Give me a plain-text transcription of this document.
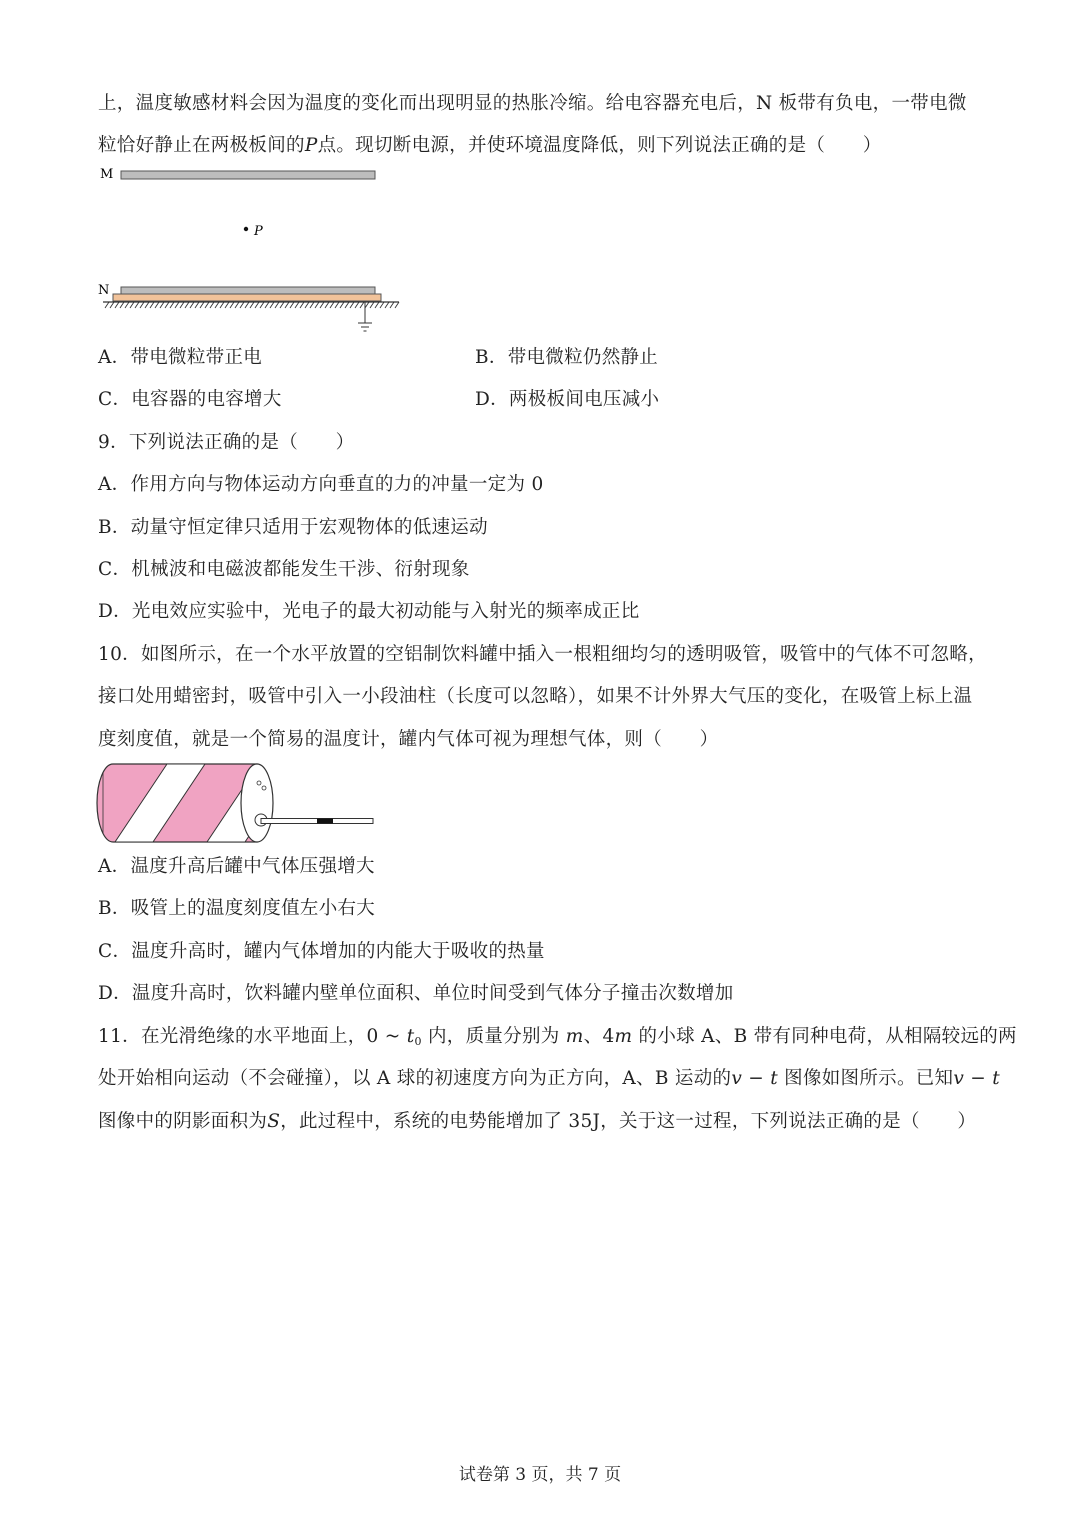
上，温度敏感材料会因为温度的变化而出现明显的热胀冷缩。给电容器充电后，N 板带有负电，一带电微
粒恰好静止在两极板间的P点。现切断电源，并使环境温度降低，则下列说法正确的是（　　）
M
P
N
A．带电微粒带正电	B．带电微粒仍然静止
C．电容器的电容增大	D．两极板间电压减小
9．下列说法正确的是（　　）
A．作用方向与物体运动方向垂直的力的冲量一定为 0
B．动量守恒定律只适用于宏观物体的低速运动
C．机械波和电磁波都能发生干涉、衍射现象
D．光电效应实验中，光电子的最大初动能与入射光的频率成正比
10．如图所示，在一个水平放置的空铝制饮料罐中插入一根粗细均匀的透明吸管，吸管中的气体不可忽略，
接口处用蜡密封，吸管中引入一小段油柱（长度可以忽略），如果不计外界大气压的变化，在吸管上标上温
度刻度值，就是一个简易的温度计，罐内气体可视为理想气体，则（　　）
A．温度升高后罐中气体压强增大
B．吸管上的温度刻度值左小右大
C．温度升高时，罐内气体增加的内能大于吸收的热量
D．温度升高时，饮料罐内壁单位面积、单位时间受到气体分子撞击次数增加
11．在光滑绝缘的水平地面上，0 ~ $t_0$ 内，质量分别为 m、4m 的小球 A、B 带有同种电荷，从相隔较远的两
处开始相向运动（不会碰撞），以 A 球的初速度方向为正方向，A、B 运动的v − t 图像如图所示。已知v − t
图像中的阴影面积为S，此过程中，系统的电势能增加了 35J，关于这一过程，下列说法正确的是（　　）
试卷第 3 页，共 7 页
